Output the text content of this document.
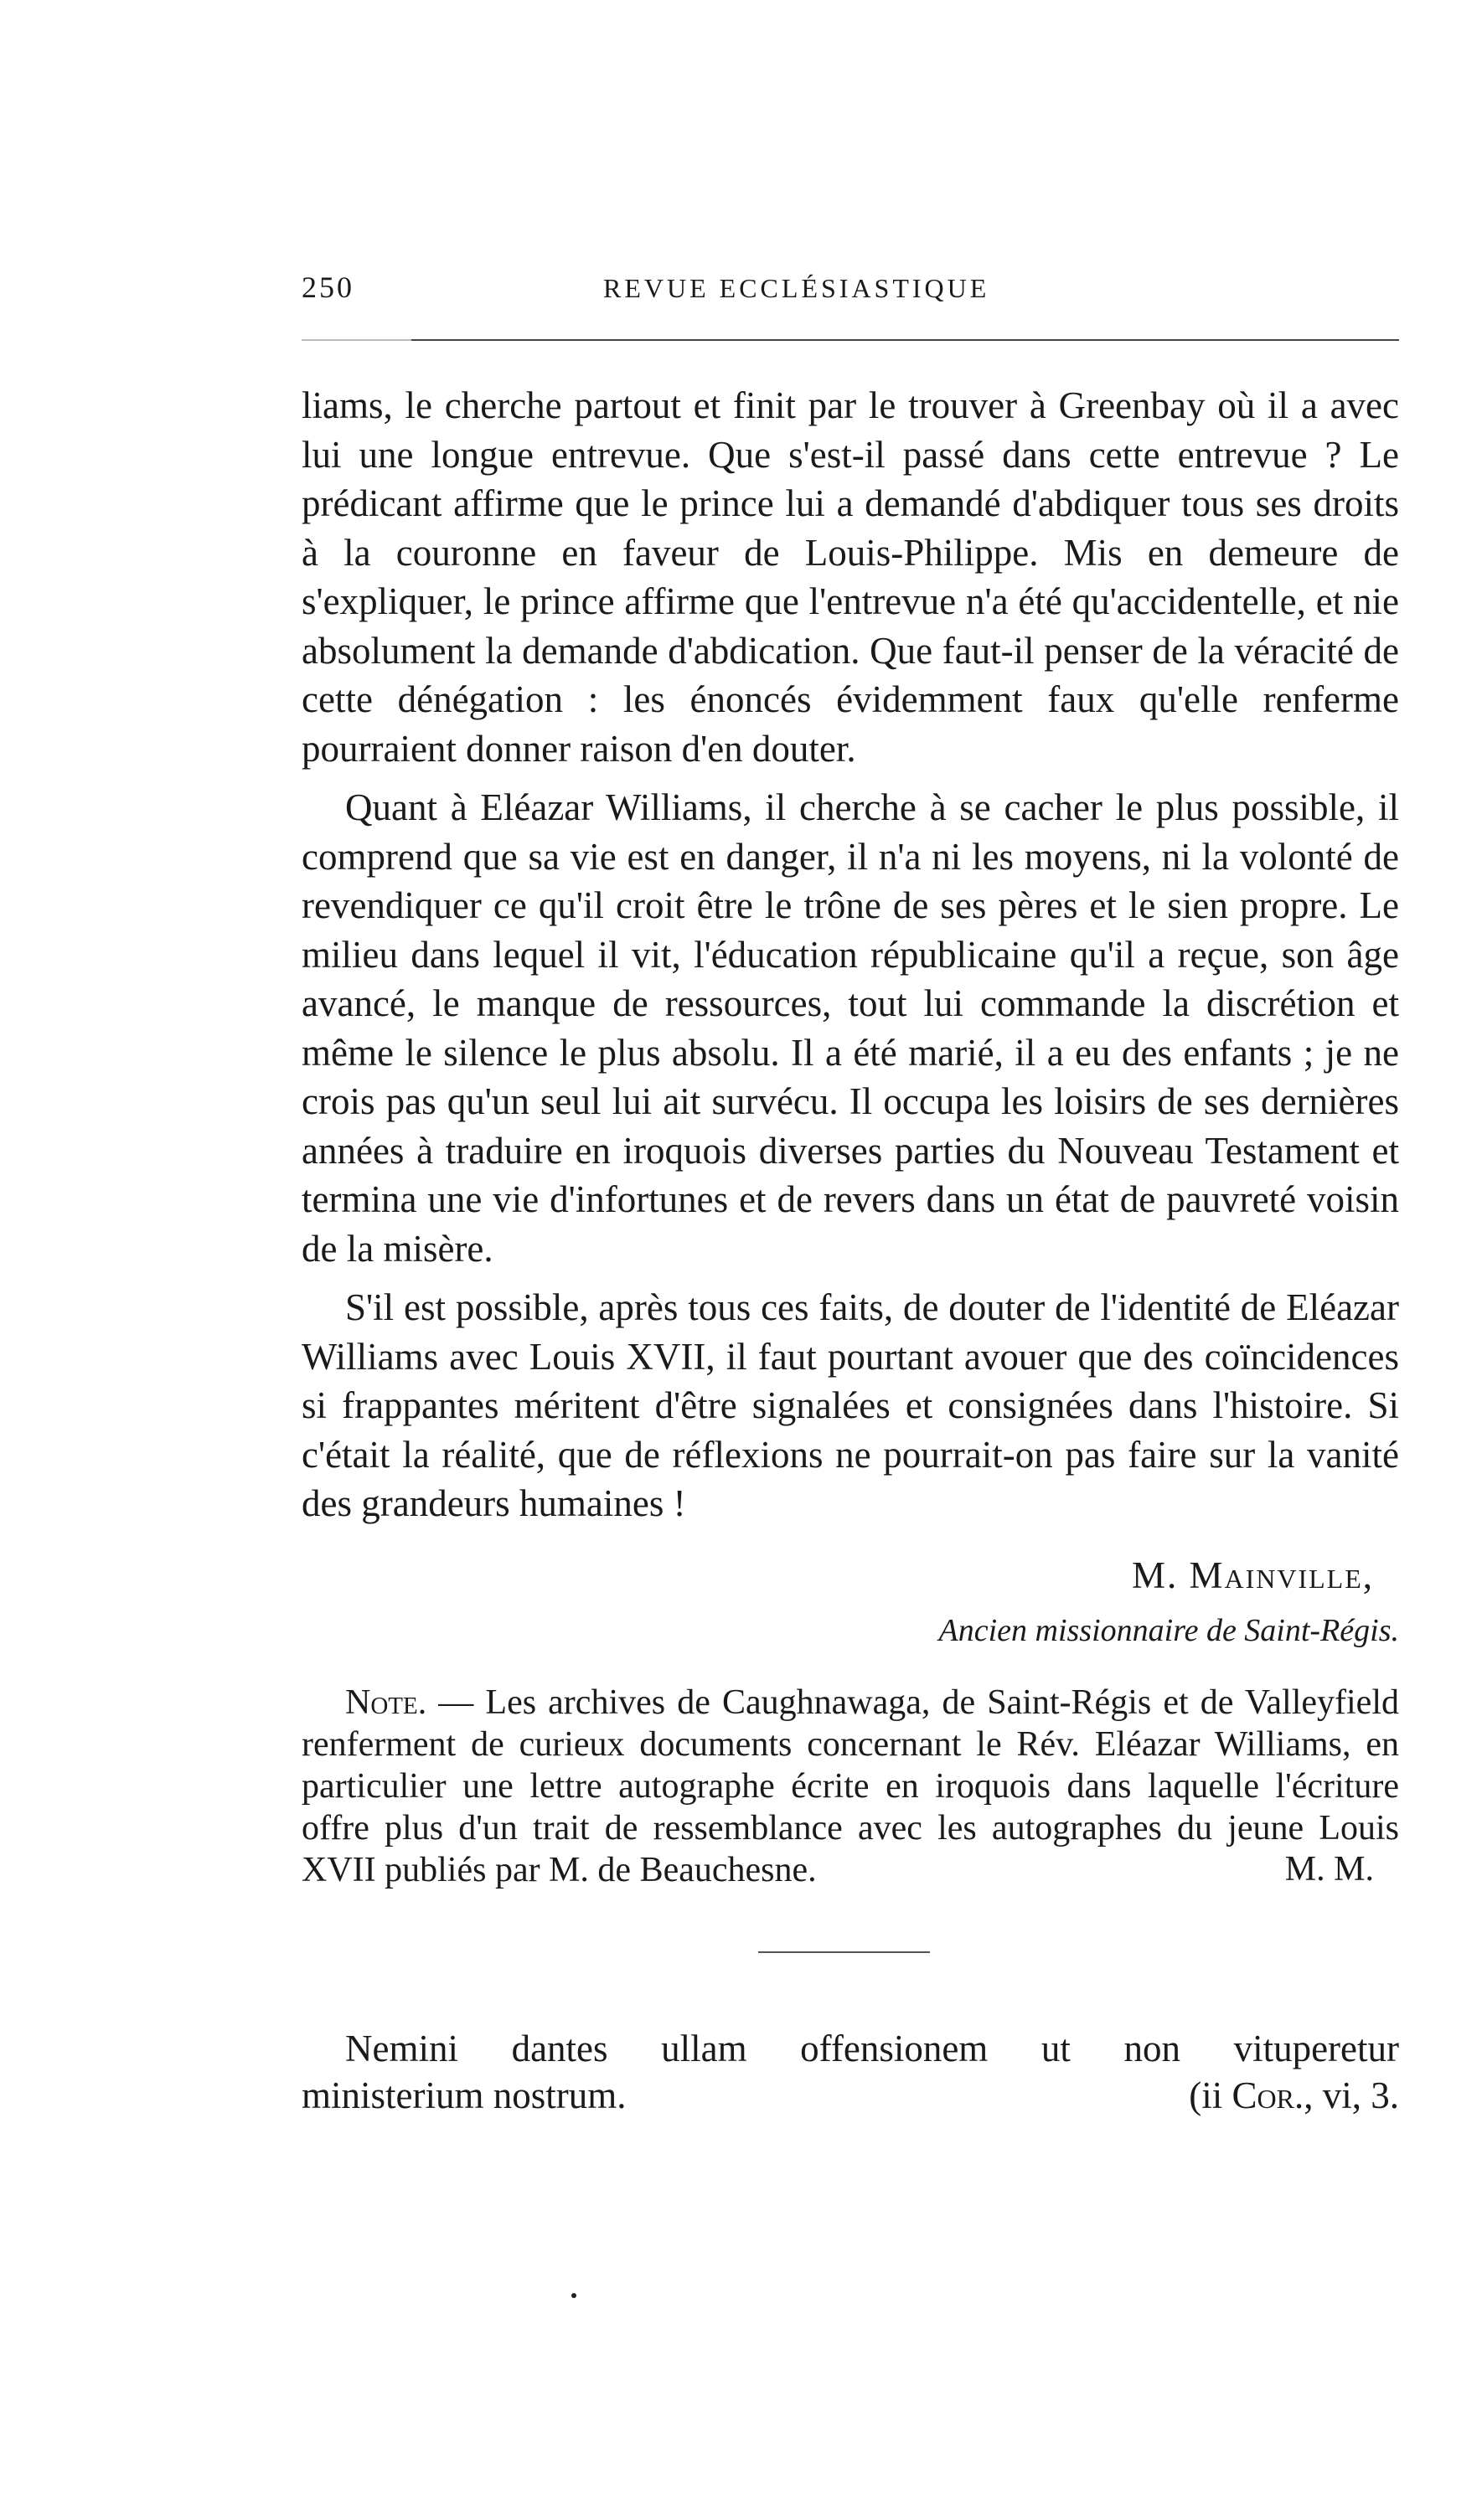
250	REVUE ECCLÉSIASTIQUE

liams, le cherche partout et finit par le trouver à Greenbay où il a avec lui une longue entrevue. Que s'est-il passé dans cette entrevue ? Le prédicant affirme que le prince lui a demandé d'abdiquer tous ses droits à la couronne en faveur de Louis-Philippe. Mis en demeure de s'expliquer, le prince affirme que l'entrevue n'a été qu'accidentelle, et nie absolument la demande d'abdication. Que faut-il penser de la véracité de cette dénégation : les énoncés évidemment faux qu'elle renferme pourraient donner raison d'en douter.

Quant à Eléazar Williams, il cherche à se cacher le plus possible, il comprend que sa vie est en danger, il n'a ni les moyens, ni la volonté de revendiquer ce qu'il croit être le trône de ses pères et le sien propre. Le milieu dans lequel il vit, l'éducation républicaine qu'il a reçue, son âge avancé, le manque de ressources, tout lui commande la discrétion et même le silence le plus absolu. Il a été marié, il a eu des enfants ; je ne crois pas qu'un seul lui ait survécu. Il occupa les loisirs de ses dernières années à traduire en iroquois diverses parties du Nouveau Testament et termina une vie d'infortunes et de revers dans un état de pauvreté voisin de la misère.

S'il est possible, après tous ces faits, de douter de l'identité de Eléazar Williams avec Louis XVII, il faut pourtant avouer que des coïncidences si frappantes méritent d'être signalées et consignées dans l'histoire. Si c'était la réalité, que de réflexions ne pourrait-on pas faire sur la vanité des grandeurs humaines !

M. Mainville,
Ancien missionnaire de Saint-Régis.
Note. — Les archives de Caughnawaga, de Saint-Régis et de Valleyfield renferment de curieux documents concernant le Rév. Eléazar Williams, en particulier une lettre autographe écrite en iroquois dans laquelle l'écriture offre plus d'un trait de ressemblance avec les autographes du jeune Louis XVII publiés par M. de Beauchesne.	M. M.
Nemini dantes ullam offensionem ut non vituperetur
ministerium nostrum.	(ii Cor., vi, 3.
